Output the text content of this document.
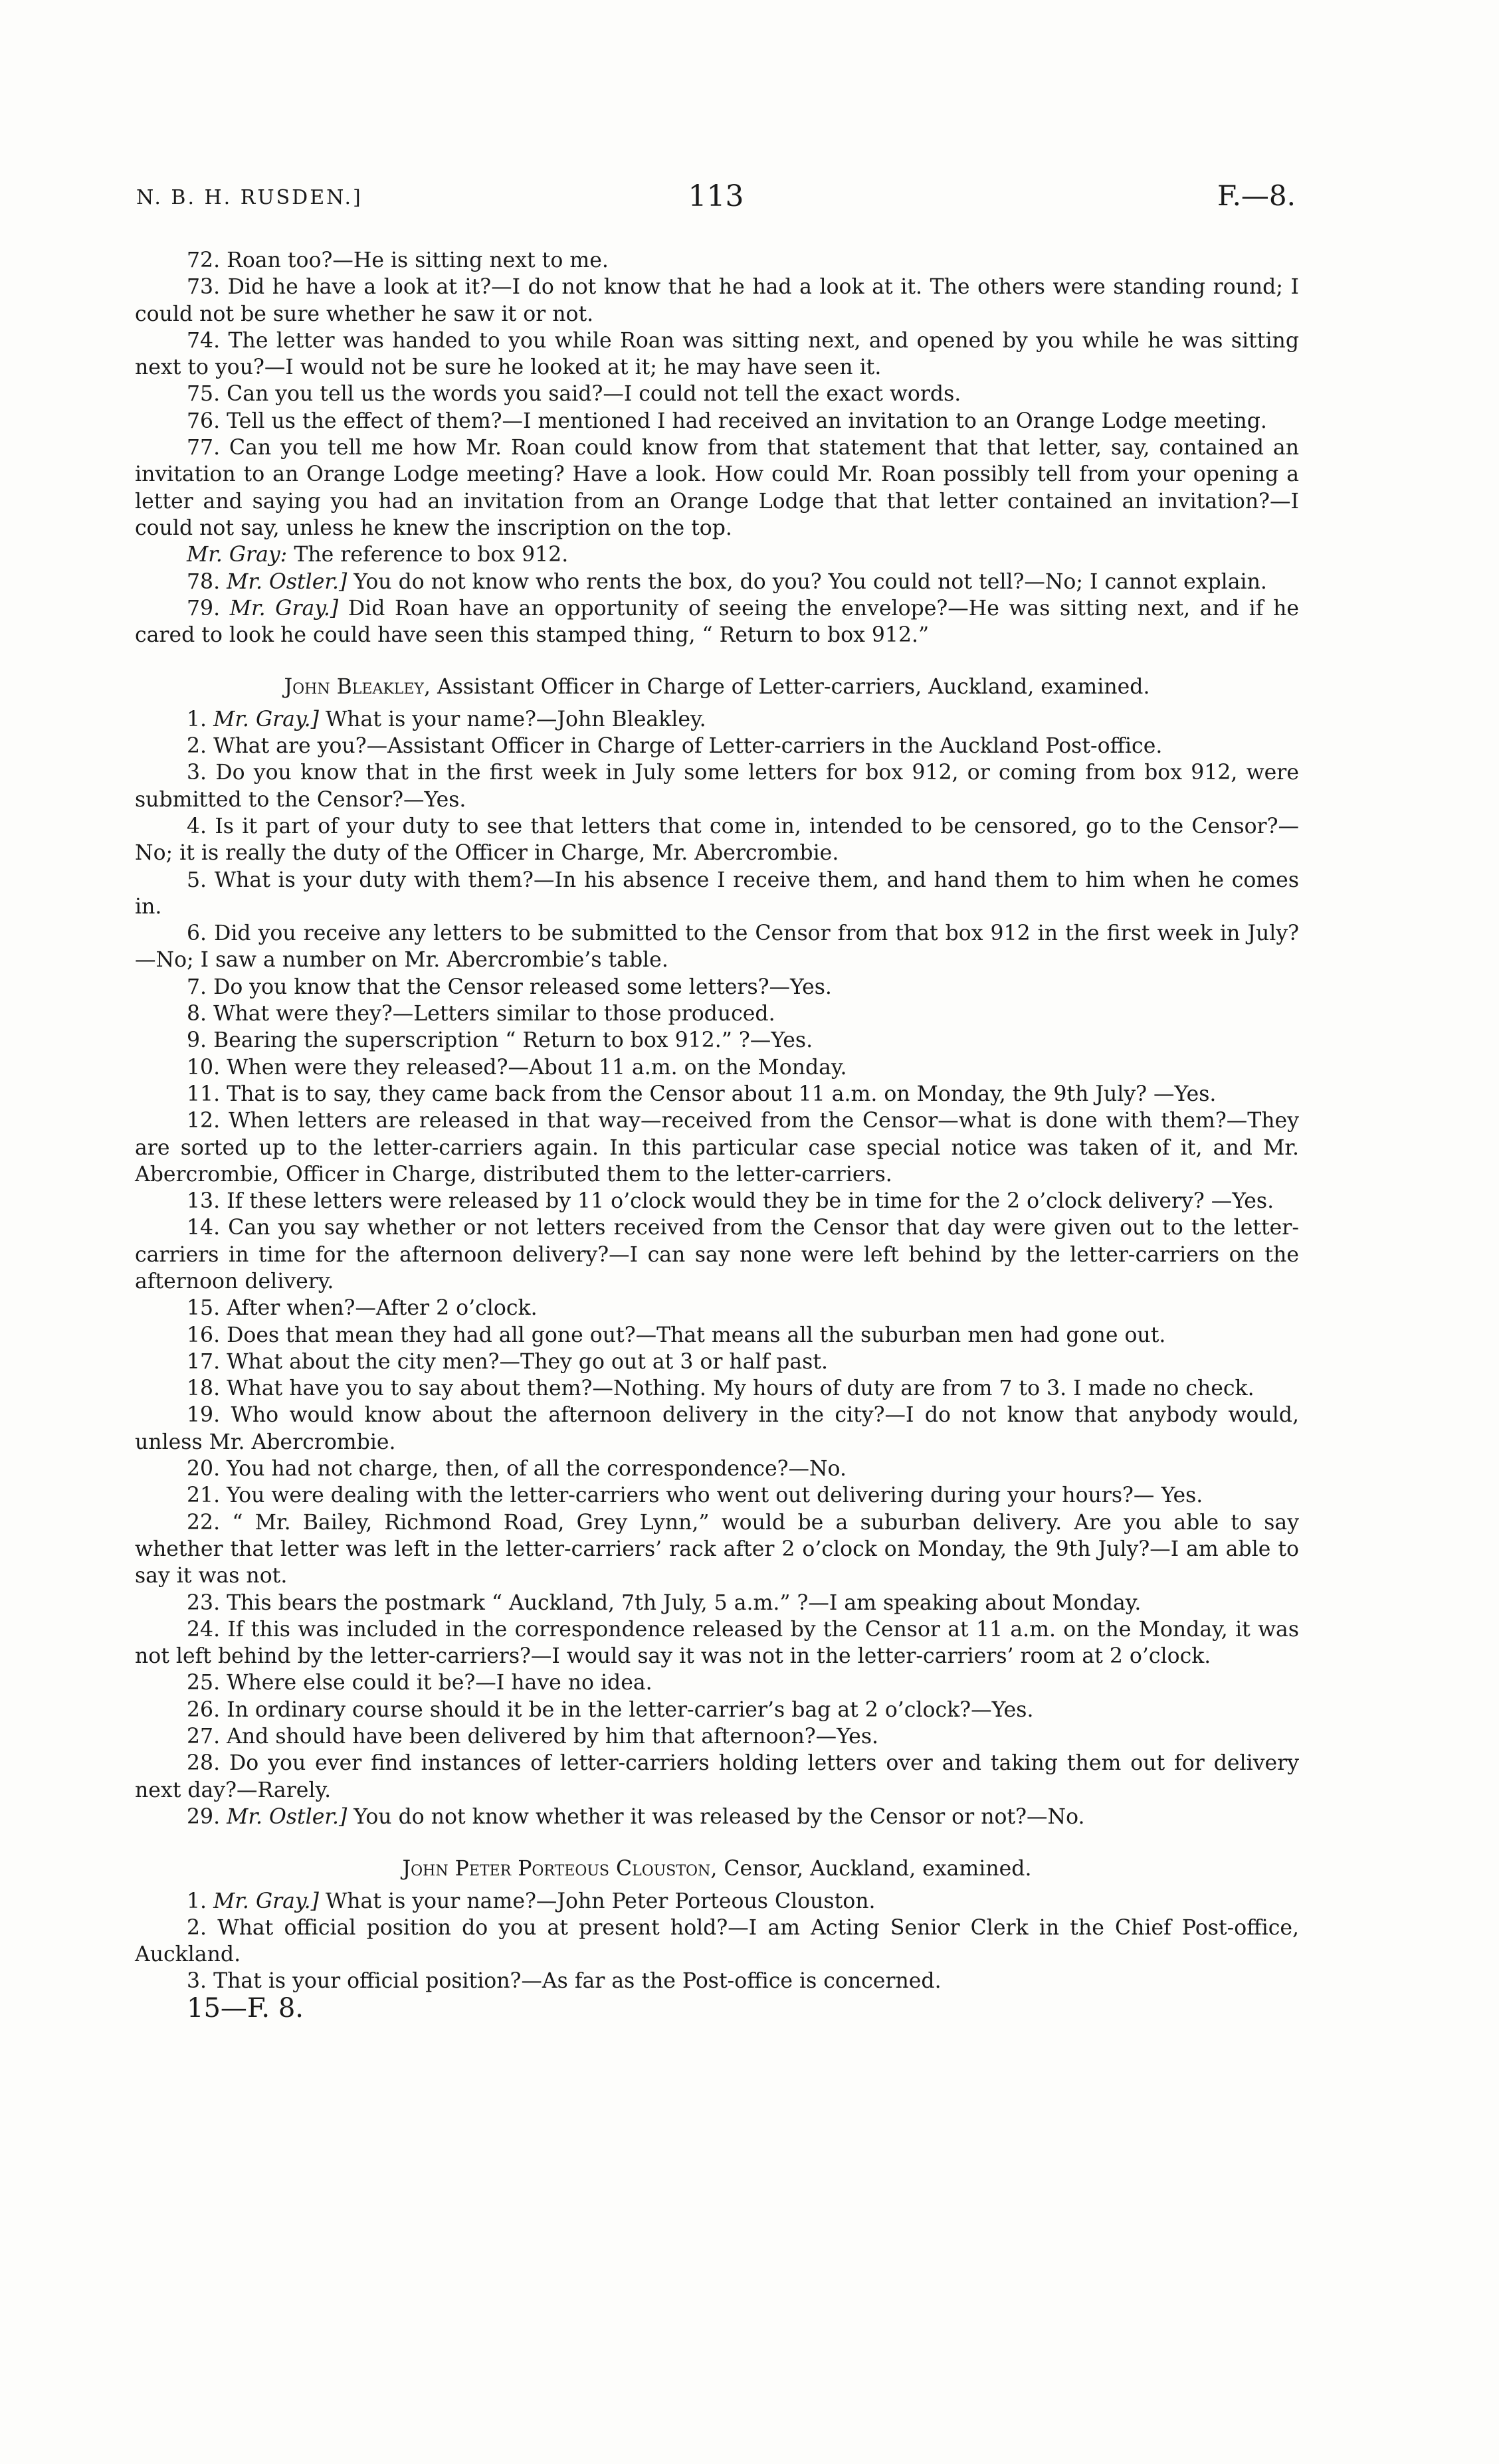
N. B. H. RUSDEN.]	113	F.—8.

72. Roan too?—He is sitting next to me.

73. Did he have a look at it?—I do not know that he had a look at it. The others were standing round; I could not be sure whether he saw it or not.

74. The letter was handed to you while Roan was sitting next, and opened by you while he was sitting next to you?—I would not be sure he looked at it; he may have seen it.

75. Can you tell us the words you said?—I could not tell the exact words.

76. Tell us the effect of them?—I mentioned I had received an invitation to an Orange Lodge meeting.

77. Can you tell me how Mr. Roan could know from that statement that that letter, say, contained an invitation to an Orange Lodge meeting? Have a look. How could Mr. Roan possibly tell from your opening a letter and saying you had an invitation from an Orange Lodge that that letter contained an invitation?—I could not say, unless he knew the inscription on the top.

Mr. Gray: The reference to box 912.

78. Mr. Ostler.] You do not know who rents the box, do you? You could not tell?—No; I cannot explain.

79. Mr. Gray.] Did Roan have an opportunity of seeing the envelope?—He was sitting next, and if he cared to look he could have seen this stamped thing, “ Return to box 912.”

John Bleakley, Assistant Officer in Charge of Letter-carriers, Auckland, examined.

1. Mr. Gray.] What is your name?—John Bleakley.

2. What are you?—Assistant Officer in Charge of Letter-carriers in the Auckland Post-office.

3. Do you know that in the first week in July some letters for box 912, or coming from box 912, were submitted to the Censor?—Yes.

4. Is it part of your duty to see that letters that come in, intended to be censored, go to the Censor?—No; it is really the duty of the Officer in Charge, Mr. Abercrombie.

5. What is your duty with them?—In his absence I receive them, and hand them to him when he comes in.

6. Did you receive any letters to be submitted to the Censor from that box 912 in the first week in July?—No; I saw a number on Mr. Abercrombie’s table.

7. Do you know that the Censor released some letters?—Yes.

8. What were they?—Letters similar to those produced.

9. Bearing the superscription “ Return to box 912.” ?—Yes.

10. When were they released?—About 11 a.m. on the Monday.

11. That is to say, they came back from the Censor about 11 a.m. on Monday, the 9th July? —Yes.

12. When letters are released in that way—received from the Censor—what is done with them?—They are sorted up to the letter-carriers again. In this particular case special notice was taken of it, and Mr. Abercrombie, Officer in Charge, distributed them to the letter-carriers.

13. If these letters were released by 11 o’clock would they be in time for the 2 o’clock delivery? —Yes.

14. Can you say whether or not letters received from the Censor that day were given out to the letter-carriers in time for the afternoon delivery?—I can say none were left behind by the letter-carriers on the afternoon delivery.

15. After when?—After 2 o’clock.

16. Does that mean they had all gone out?—That means all the suburban men had gone out.

17. What about the city men?—They go out at 3 or half past.

18. What have you to say about them?—Nothing. My hours of duty are from 7 to 3. I made no check.

19. Who would know about the afternoon delivery in the city?—I do not know that anybody would, unless Mr. Abercrombie.

20. You had not charge, then, of all the correspondence?—No.

21. You were dealing with the letter-carriers who went out delivering during your hours?— Yes.

22. “ Mr. Bailey, Richmond Road, Grey Lynn,” would be a suburban delivery. Are you able to say whether that letter was left in the letter-carriers’ rack after 2 o’clock on Monday, the 9th July?—I am able to say it was not.

23. This bears the postmark “ Auckland, 7th July, 5 a.m.” ?—I am speaking about Monday.

24. If this was included in the correspondence released by the Censor at 11 a.m. on the Monday, it was not left behind by the letter-carriers?—I would say it was not in the letter-carriers’ room at 2 o’clock.

25. Where else could it be?—I have no idea.

26. In ordinary course should it be in the letter-carrier’s bag at 2 o’clock?—Yes.

27. And should have been delivered by him that afternoon?—Yes.

28. Do you ever find instances of letter-carriers holding letters over and taking them out for delivery next day?—Rarely.

29. Mr. Ostler.] You do not know whether it was released by the Censor or not?—No.

John Peter Porteous Clouston, Censor, Auckland, examined.

1. Mr. Gray.] What is your name?—John Peter Porteous Clouston.

2. What official position do you at present hold?—I am Acting Senior Clerk in the Chief Post-office, Auckland.

3. That is your official position?—As far as the Post-office is concerned.

15—F. 8.
